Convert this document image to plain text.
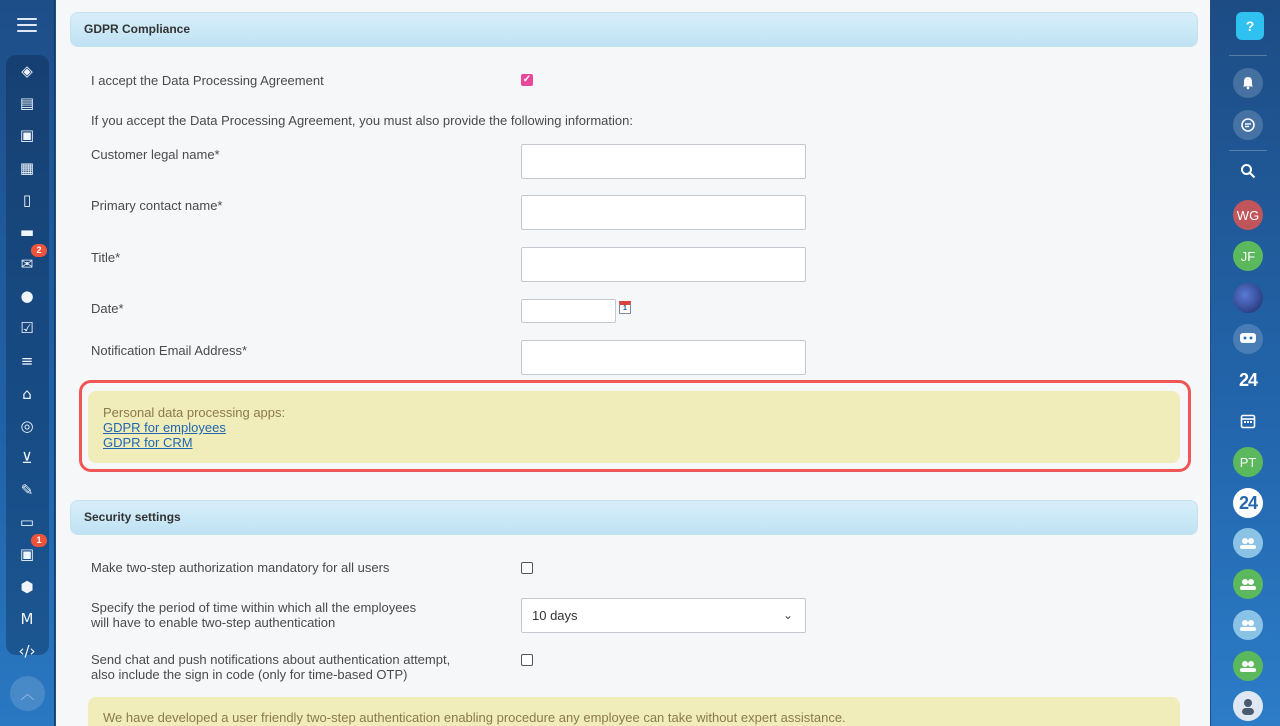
◈
▤
▣
▦
▯
▬
✉
2
●
☑
≡
⌂
◎
⊻
✎
▭
▣
1
⬢
M
‹/›
︿
GDPR Compliance
I accept the Data Processing Agreement	✓
If you accept the Data Processing Agreement, you must also provide the following information:
Customer legal name*
Primary contact name*
Title*
Date*	1
Notification Email Address*
Personal data processing apps:
GDPR for employees
GDPR for CRM
Security settings
Make two-step authorization mandatory for all users
Specify the period of time within which all the employees
will have to enable two-step authentication	10 days	⌄
Send chat and push notifications about authentication attempt,
also include the sign in code (only for time-based OTP)
We have developed a user friendly two-step authentication enabling procedure any employee can take without expert assistance.
?
WG
JF
24
PT
24
